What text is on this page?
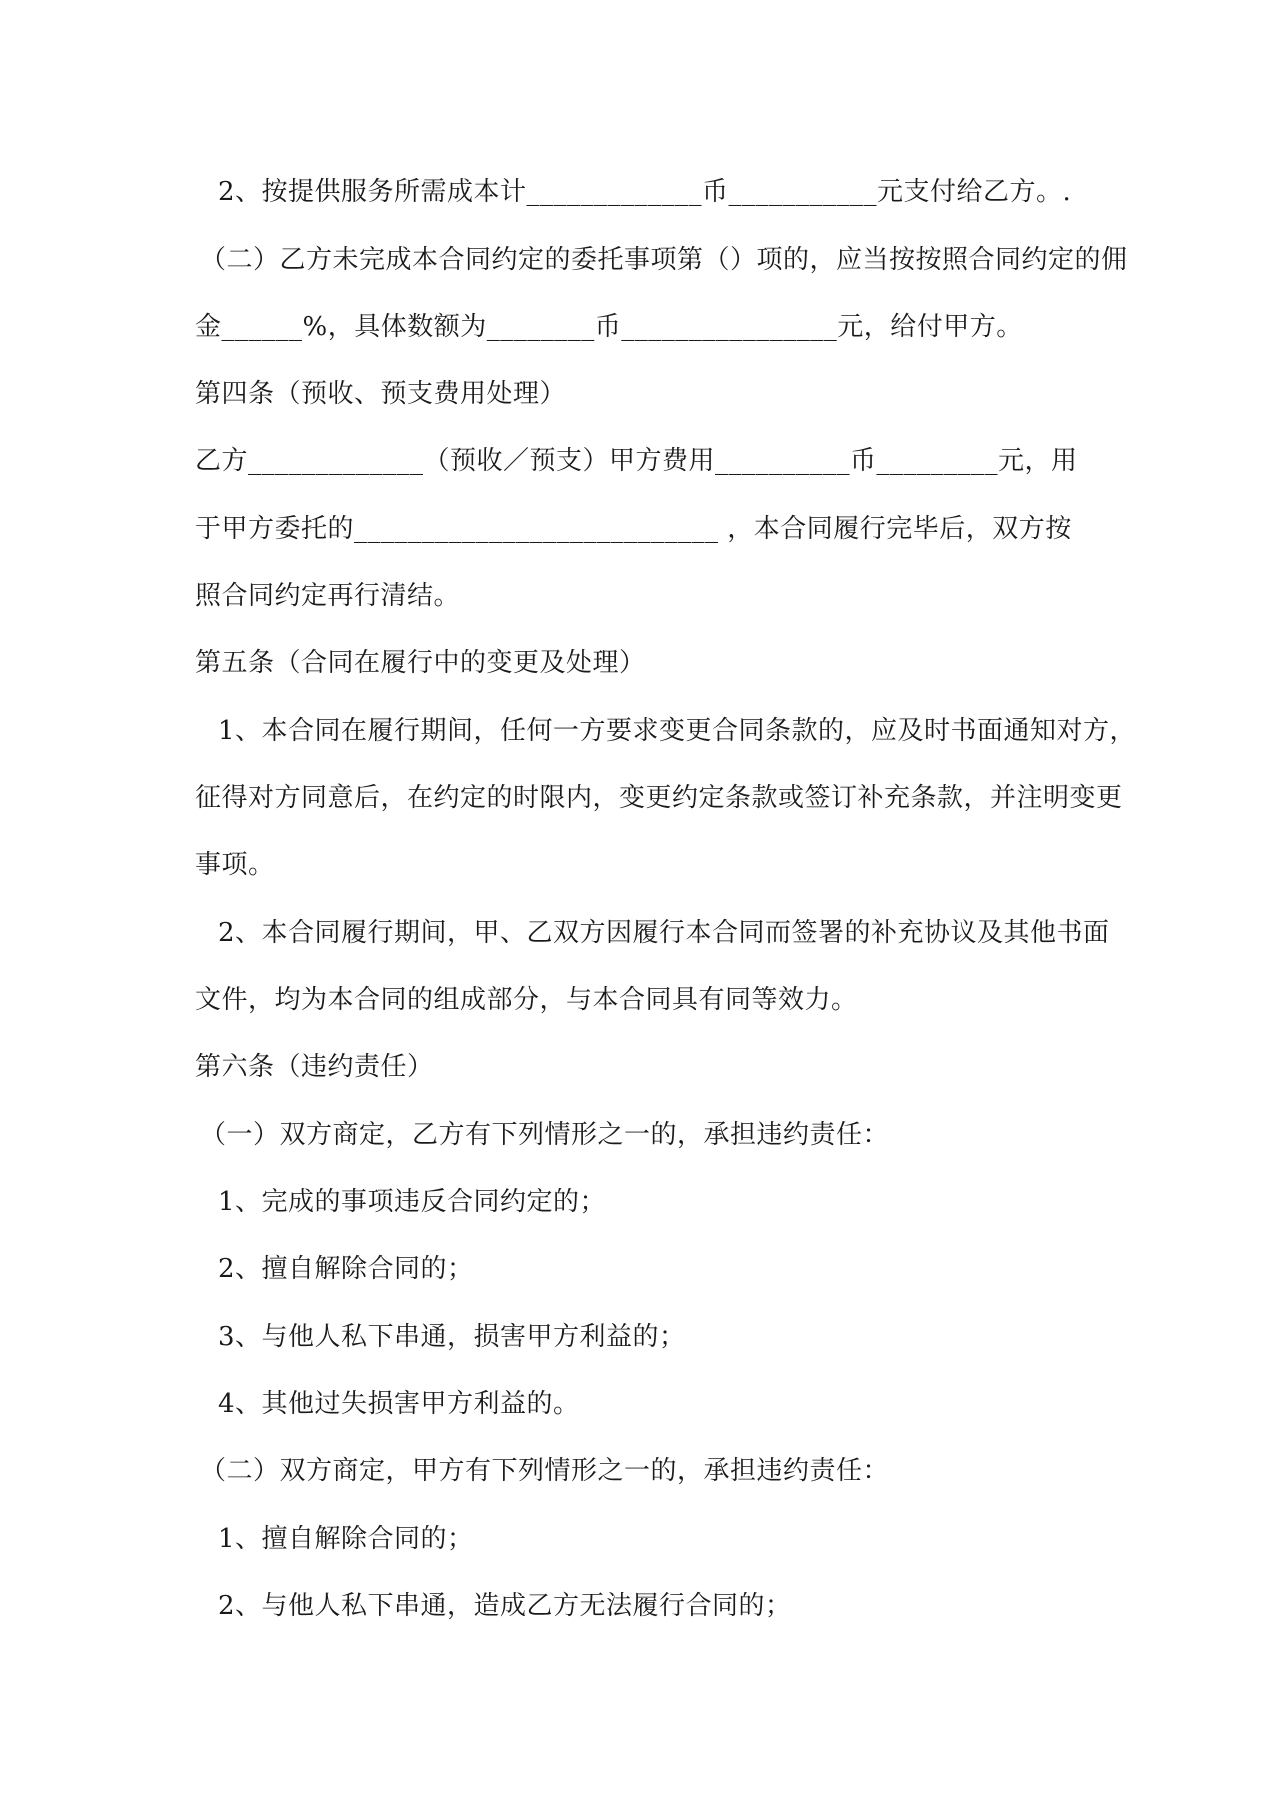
2、按提供服务所需成本计_____________币___________元支付给乙方。.
（二）乙方未完成本合同约定的委托事项第（）项的，应当按按照合同约定的佣
金______%，具体数额为________币________________元，给付甲方。
第四条（预收、预支费用处理）
乙方_____________（预收／预支）甲方费用__________币_________元，用
于甲方委托的___________________________ ，本合同履行完毕后，双方按
照合同约定再行清结。
第五条（合同在履行中的变更及处理）
1、本合同在履行期间，任何一方要求变更合同条款的，应及时书面通知对方，
征得对方同意后，在约定的时限内，变更约定条款或签订补充条款，并注明变更
事项。
2、本合同履行期间，甲、乙双方因履行本合同而签署的补充协议及其他书面
文件，均为本合同的组成部分，与本合同具有同等效力。
第六条（违约责任）
（一）双方商定，乙方有下列情形之一的，承担违约责任：
1、完成的事项违反合同约定的；
2、擅自解除合同的；
3、与他人私下串通，损害甲方利益的；
4、其他过失损害甲方利益的。
（二）双方商定，甲方有下列情形之一的，承担违约责任：
1、擅自解除合同的；
2、与他人私下串通，造成乙方无法履行合同的；
